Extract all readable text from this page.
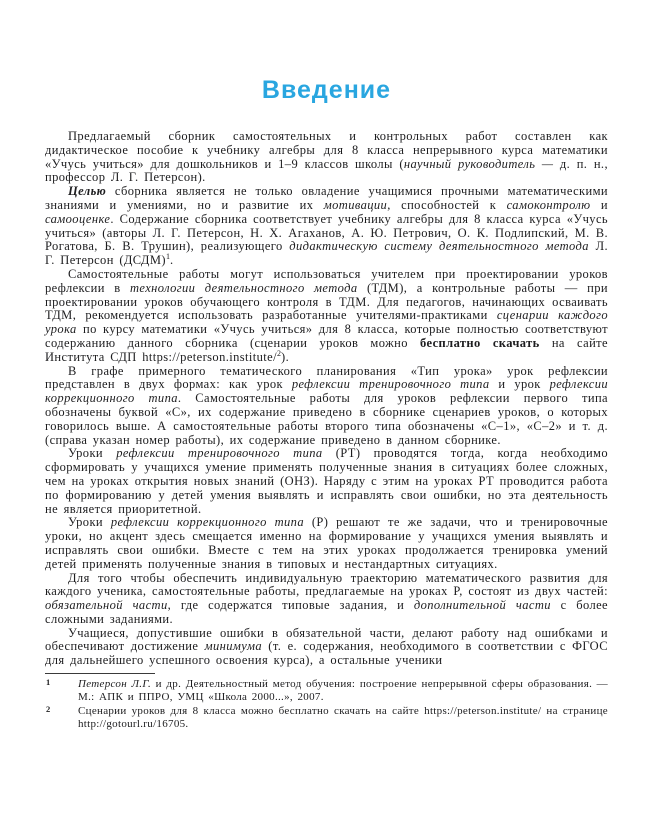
Введение

Предлагаемый сборник самостоятельных и контрольных работ составлен как дидактическое пособие к учебнику алгебры для 8 класса непрерывного курса математики «Учусь учиться» для дошкольников и 1–9 классов школы (научный руководитель — д. п. н., профессор Л. Г. Петерсон).

Целью сборника является не только овладение учащимися прочными математическими знаниями и умениями, но и развитие их мотивации, способностей к самоконтролю и самооценке. Содержание сборника соответствует учебнику алгебры для 8 класса курса «Учусь учиться» (авторы Л. Г. Петерсон, Н. Х. Агаханов, А. Ю. Петрович, О. К. Подлипский, М. В. Рогатова, Б. В. Трушин), реализующего дидактическую систему деятельностного метода Л. Г. Петерсон (ДСДМ)$^1$.

Самостоятельные работы могут использоваться учителем при проектировании уроков рефлексии в технологии деятельностного метода (ТДМ), а контрольные работы — при проектировании уроков обучающего контроля в ТДМ. Для педагогов, начинающих осваивать ТДМ, рекомендуется использовать разработанные учителями-практиками сценарии каждого урока по курсу математики «Учусь учиться» для 8 класса, которые полностью соответствуют содержанию данного сборника (сценарии уроков можно бесплатно скачать на сайте Института СДП https://peterson.institute/$^2$).

В графе примерного тематического планирования «Тип урока» урок рефлексии представлен в двух формах: как урок рефлексии тренировочного типа и урок рефлексии коррекционного типа. Самостоятельные работы для уроков рефлексии первого типа обозначены буквой «С», их содержание приведено в сборнике сценариев уроков, о которых говорилось выше. А самостоятельные работы второго типа обозначены «С–1», «С–2» и т. д. (справа указан номер работы), их содержание приведено в данном сборнике.

Уроки рефлексии тренировочного типа (РТ) проводятся тогда, когда необходимо сформировать у учащихся умение применять полученные знания в ситуациях более сложных, чем на уроках открытия новых знаний (ОНЗ). Наряду с этим на уроках РТ проводится работа по формированию у детей умения выявлять и исправлять свои ошибки, но эта деятельность не является приоритетной.

Уроки рефлексии коррекционного типа (Р) решают те же задачи, что и тренировочные уроки, но акцент здесь смещается именно на формирование у учащихся умения выявлять и исправлять свои ошибки. Вместе с тем на этих уроках продолжается тренировка умений детей применять полученные знания в типовых и нестандартных ситуациях.

Для того чтобы обеспечить индивидуальную траекторию математического развития для каждого ученика, самостоятельные работы, предлагаемые на уроках Р, состоят из двух частей: обязательной части, где содержатся типовые задания, и дополнительной части с более сложными заданиями.

Учащиеся, допустившие ошибки в обязательной части, делают работу над ошибками и обеспечивают достижение минимума (т. е. содержания, необходимого в соответствии с ФГОС для дальнейшего успешного освоения курса), а остальные ученики

1 Петерсон Л.Г. и др. Деятельностный метод обучения: построение непрерывной сферы образования. — М.: АПК и ППРО, УМЦ «Школа 2000...», 2007.
2 Сценарии уроков для 8 класса можно бесплатно скачать на сайте https://peterson.institute/ на странице http://gotourl.ru/16705.
